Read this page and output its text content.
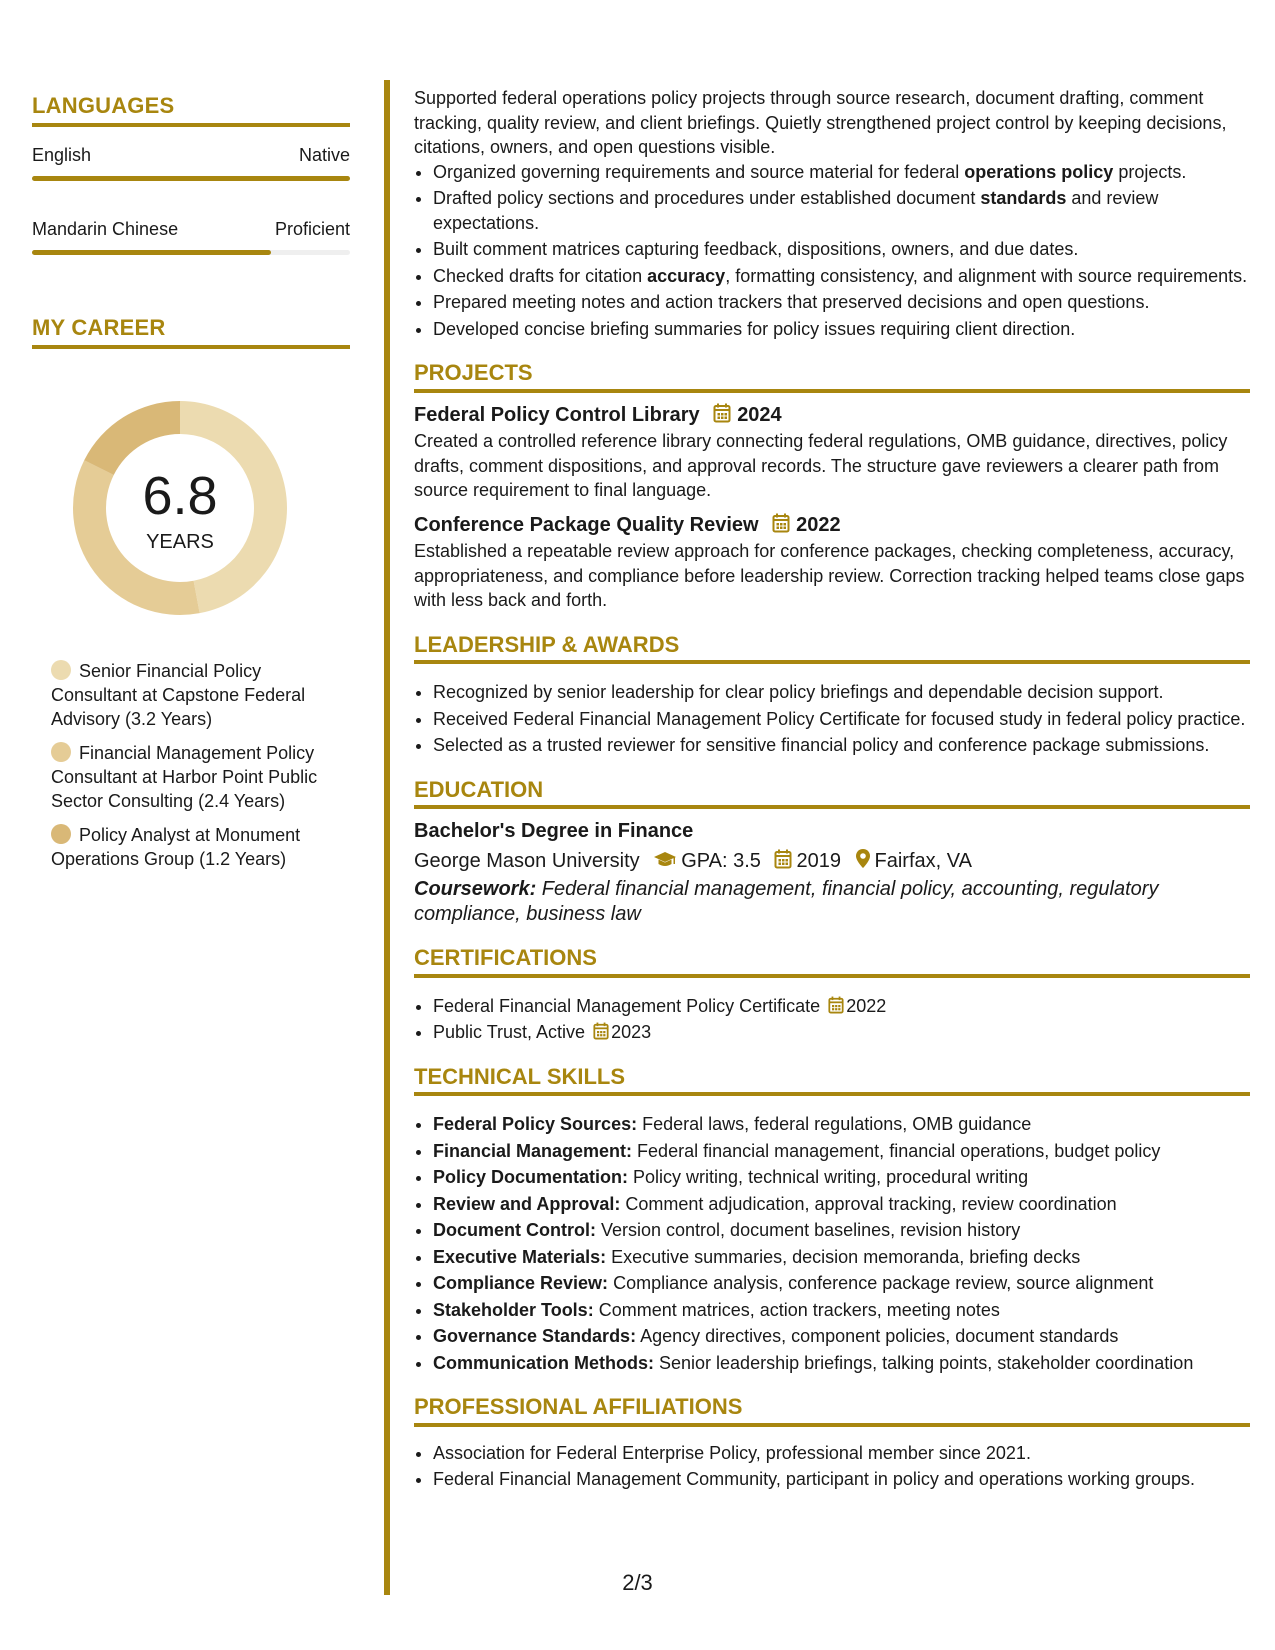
LANGUAGES
English	Native
Mandarin Chinese	Proficient
MY CAREER
6.8
YEARS
Senior Financial Policy Consultant at Capstone Federal Advisory (3.2 Years)
Financial Management Policy Consultant at Harbor Point Public Sector Consulting (2.4 Years)
Policy Analyst at Monument Operations Group (1.2 Years)

Supported federal operations policy projects through source research, document drafting, comment tracking, quality review, and client briefings. Quietly strengthened project control by keeping decisions, citations, owners, and open questions visible.

• Organized governing requirements and source material for federal operations policy projects.
• Drafted policy sections and procedures under established document standards and review expectations.
• Built comment matrices capturing feedback, dispositions, owners, and due dates.
• Checked drafts for citation accuracy, formatting consistency, and alignment with source requirements.
• Prepared meeting notes and action trackers that preserved decisions and open questions.
• Developed concise briefing summaries for policy issues requiring client direction.
PROJECTS
Federal Policy Control Library 2024

Created a controlled reference library connecting federal regulations, OMB guidance, directives, policy drafts, comment dispositions, and approval records. The structure gave reviewers a clearer path from source requirement to final language.

Conference Package Quality Review 2022

Established a repeatable review approach for conference packages, checking completeness, accuracy, appropriateness, and compliance before leadership review. Correction tracking helped teams close gaps with less back and forth.

LEADERSHIP & AWARDS
• Recognized by senior leadership for clear policy briefings and dependable decision support.
• Received Federal Financial Management Policy Certificate for focused study in federal policy practice.
• Selected as a trusted reviewer for sensitive financial policy and conference package submissions.
EDUCATION
Bachelor's Degree in Finance
George Mason University GPA: 3.5 2019 Fairfax, VA
Coursework: Federal financial management, financial policy, accounting, regulatory compliance, business law
CERTIFICATIONS
• Federal Financial Management Policy Certificate 2022
• Public Trust, Active 2023
TECHNICAL SKILLS
• Federal Policy Sources: Federal laws, federal regulations, OMB guidance
• Financial Management: Federal financial management, financial operations, budget policy
• Policy Documentation: Policy writing, technical writing, procedural writing
• Review and Approval: Comment adjudication, approval tracking, review coordination
• Document Control: Version control, document baselines, revision history
• Executive Materials: Executive summaries, decision memoranda, briefing decks
• Compliance Review: Compliance analysis, conference package review, source alignment
• Stakeholder Tools: Comment matrices, action trackers, meeting notes
• Governance Standards: Agency directives, component policies, document standards
• Communication Methods: Senior leadership briefings, talking points, stakeholder coordination
PROFESSIONAL AFFILIATIONS
• Association for Federal Enterprise Policy, professional member since 2021.
• Federal Financial Management Community, participant in policy and operations working groups.
2/3
